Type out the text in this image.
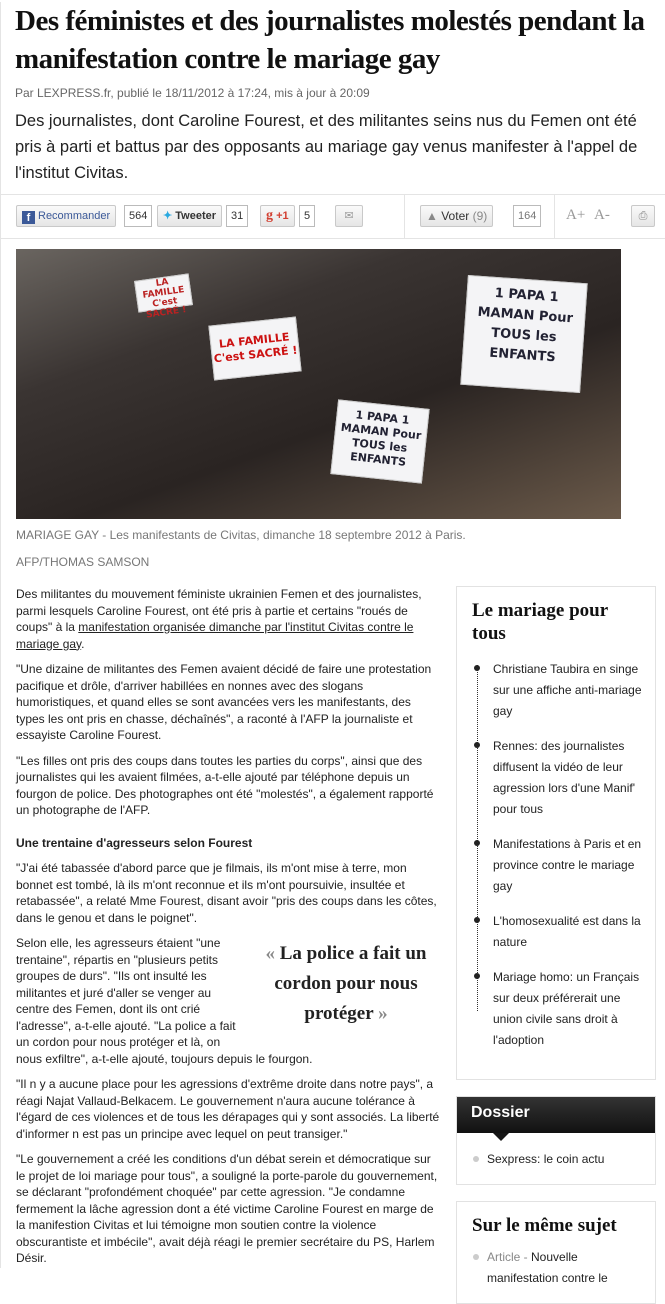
Des féministes et des journalistes molestés pendant la manifestation contre le mariage gay
Par LEXPRESS.fr, publié le 18/11/2012 à 17:24, mis à jour à 20:09
Des journalistes, dont Caroline Fourest, et des militantes seins nus du Femen ont été pris à parti et battus par des opposants au mariage gay venus manifester à l'appel de l'institut Civitas.
f Recommander	564	✦ Tweeter	31	g +1	5	✉	▲ Voter (9)	164	A+ A-	⎙
LA FAMILLE C'est SACRÉ !
LA FAMILLE C'est SACRÉ !
1 PAPA 1 MAMAN Pour TOUS les ENFANTS
1 PAPA 1 MAMAN Pour TOUS les ENFANTS
MARIAGE GAY - Les manifestants de Civitas, dimanche 18 septembre 2012 à Paris.
AFP/THOMAS SAMSON

Des militantes du mouvement féministe ukrainien Femen et des journalistes, parmi lesquels Caroline Fourest, ont été pris à partie et certains "roués de coups" à la manifestation organisée dimanche par l'institut Civitas contre le mariage gay.

"Une dizaine de militantes des Femen avaient décidé de faire une protestation pacifique et drôle, d'arriver habillées en nonnes avec des slogans humoristiques, et quand elles se sont avancées vers les manifestants, des types les ont pris en chasse, déchaînés", a raconté à l'AFP la journaliste et essayiste Caroline Fourest.

"Les filles ont pris des coups dans toutes les parties du corps", ainsi que des journalistes qui les avaient filmées, a-t-elle ajouté par téléphone depuis un fourgon de police. Des photographes ont été "molestés", a également rapporté un photographe de l'AFP.

Une trentaine d'agresseurs selon Fourest

"J'ai été tabassée d'abord parce que je filmais, ils m'ont mise à terre, mon bonnet est tombé, là ils m'ont reconnue et ils m'ont poursuivie, insultée et retabassée", a relaté Mme Fourest, disant avoir "pris des coups dans les côtes, dans le genou et dans le poignet".

« La police a fait un cordon pour nous protéger »

Selon elle, les agresseurs étaient "une trentaine", répartis en "plusieurs petits groupes de durs". "Ils ont insulté les militantes et juré d'aller se venger au centre des Femen, dont ils ont crié l'adresse", a-t-elle ajouté. "La police a fait un cordon pour nous protéger et là, on nous exfiltre", a-t-elle ajouté, toujours depuis le fourgon.

"Il n y a aucune place pour les agressions d'extrême droite dans notre pays", a réagi Najat Vallaud-Belkacem. Le gouvernement n'aura aucune tolérance à l'égard de ces violences et de tous les dérapages qui y sont associés. La liberté d'informer n est pas un principe avec lequel on peut transiger."

"Le gouvernement a créé les conditions d'un débat serein et démocratique sur le projet de loi mariage pour tous", a souligné la porte-parole du gouvernement, se déclarant "profondément choquée" par cette agression. "Je condamne fermement la lâche agression dont a été victime Caroline Fourest en marge de la manifestion Civitas et lui témoigne mon soutien contre la violence obscurantiste et imbécile", avait déjà réagi le premier secrétaire du PS, Harlem Désir.

Le mariage pour tous
Christiane Taubira en singe sur une affiche anti-mariage gay
Rennes: des journalistes diffusent la vidéo de leur agression lors d'une Manif' pour tous
Manifestations à Paris et en province contre le mariage gay
L'homosexualité est dans la nature
Mariage homo: un Français sur deux préférerait une union civile sans droit à l'adoption
Dossier
Sexpress: le coin actu
Sur le même sujet
Article - Nouvelle manifestation contre le
